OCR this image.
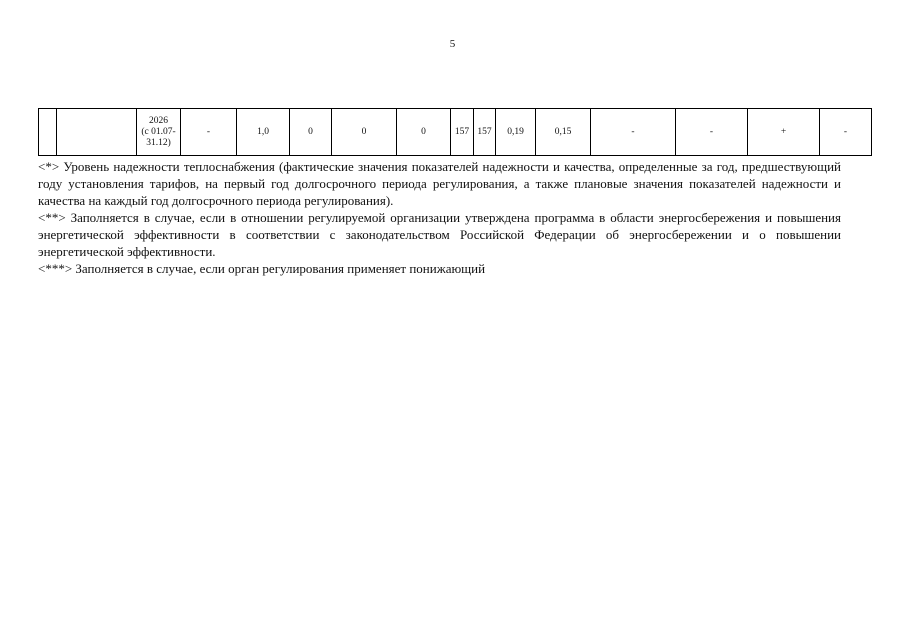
5

2026
(с 01.07-
31.12)
	-	1,0	0	0	0	157	157	0,19	0,15	-	-	+	-

<*> Уровень надежности теплоснабжения (фактические значения показателей надежности и качества, определенные за год, предшествующий году установления тарифов, на первый год долгосрочного периода регулирования, а также плановые значения показателей надежности и качества на каждый год долгосрочного периода регулирования).

<**> Заполняется в случае, если в отношении регулируемой организации утверждена программа в области энергосбережения и повышения энергетической эффективности в соответствии с законодательством Российской Федерации об энергосбережении и о повышении энергетической эффективности.

<***> Заполняется в случае, если орган регулирования применяет понижающий
